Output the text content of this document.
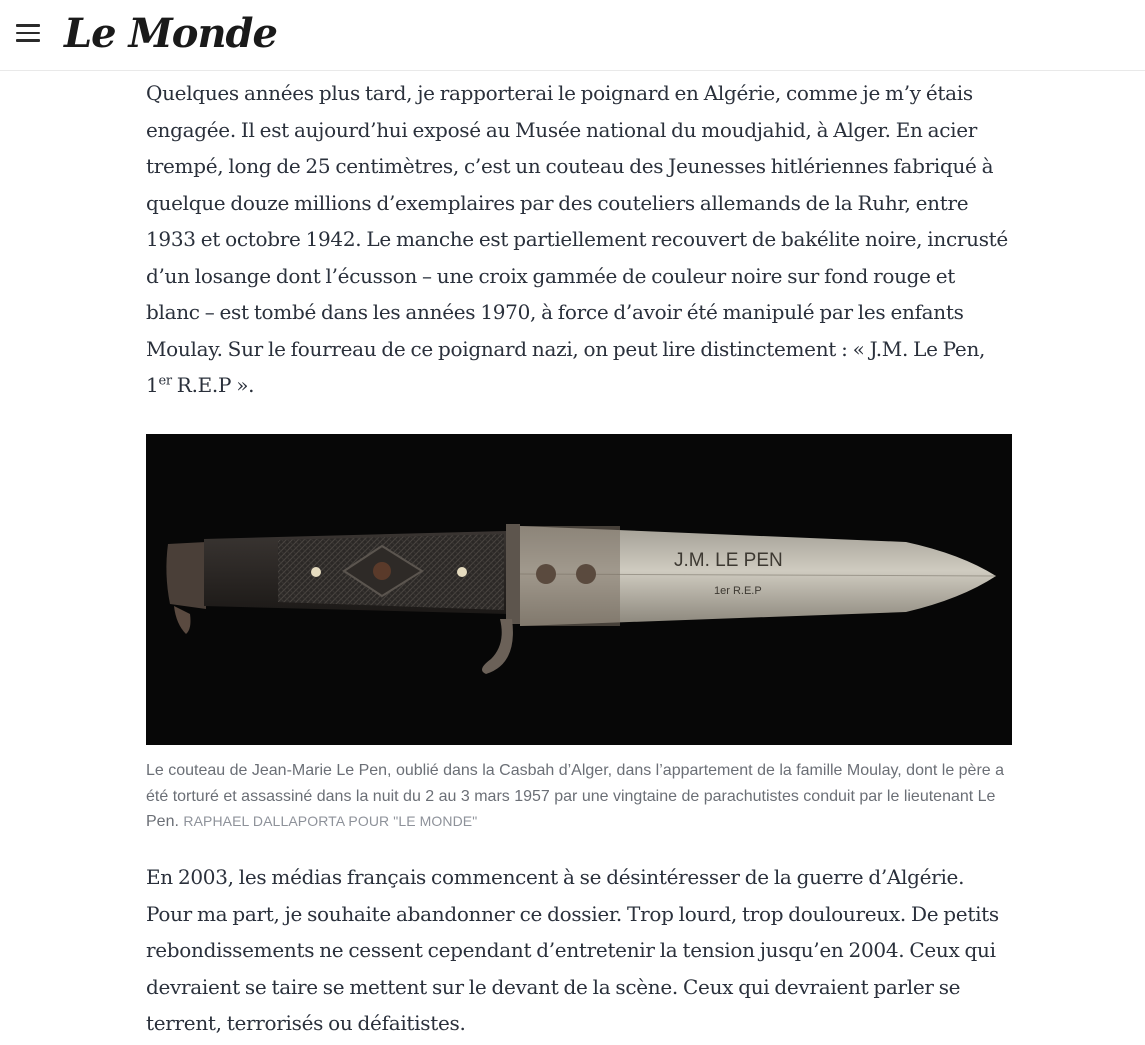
Le Monde

Quelques années plus tard, je rapporterai le poignard en Algérie, comme je m’y étais engagée. Il est aujourd’hui exposé au Musée national du moudjahid, à Alger. En acier trempé, long de 25 centimètres, c’est un couteau des Jeunesses hitlériennes fabriqué à quelque douze millions d’exemplaires par des couteliers allemands de la Ruhr, entre 1933 et octobre 1942. Le manche est partiellement recouvert de bakélite noire, incrusté d’un losange dont l’écusson – une croix gammée de couleur noire sur fond rouge et blanc – est tombé dans les années 1970, à force d’avoir été manipulé par les enfants Moulay. Sur le fourreau de ce poignard nazi, on peut lire distinctement : « J.M. Le Pen, 1er R.E.P ».

J.M. LE PEN
1er R.E.P
Le couteau de Jean-Marie Le Pen, oublié dans la Casbah d’Alger, dans l’appartement de la famille Moulay, dont le père a été torturé et assassiné dans la nuit du 2 au 3 mars 1957 par une vingtaine de parachutistes conduit par le lieutenant Le Pen. RAPHAEL DALLAPORTA POUR "LE MONDE"

En 2003, les médias français commencent à se désintéresser de la guerre d’Algérie. Pour ma part, je souhaite abandonner ce dossier. Trop lourd, trop douloureux. De petits rebondissements ne cessent cependant d’entretenir la tension jusqu’en 2004. Ceux qui devraient se taire se mettent sur le devant de la scène. Ceux qui devraient parler se terrent, terrorisés ou défaitistes.
